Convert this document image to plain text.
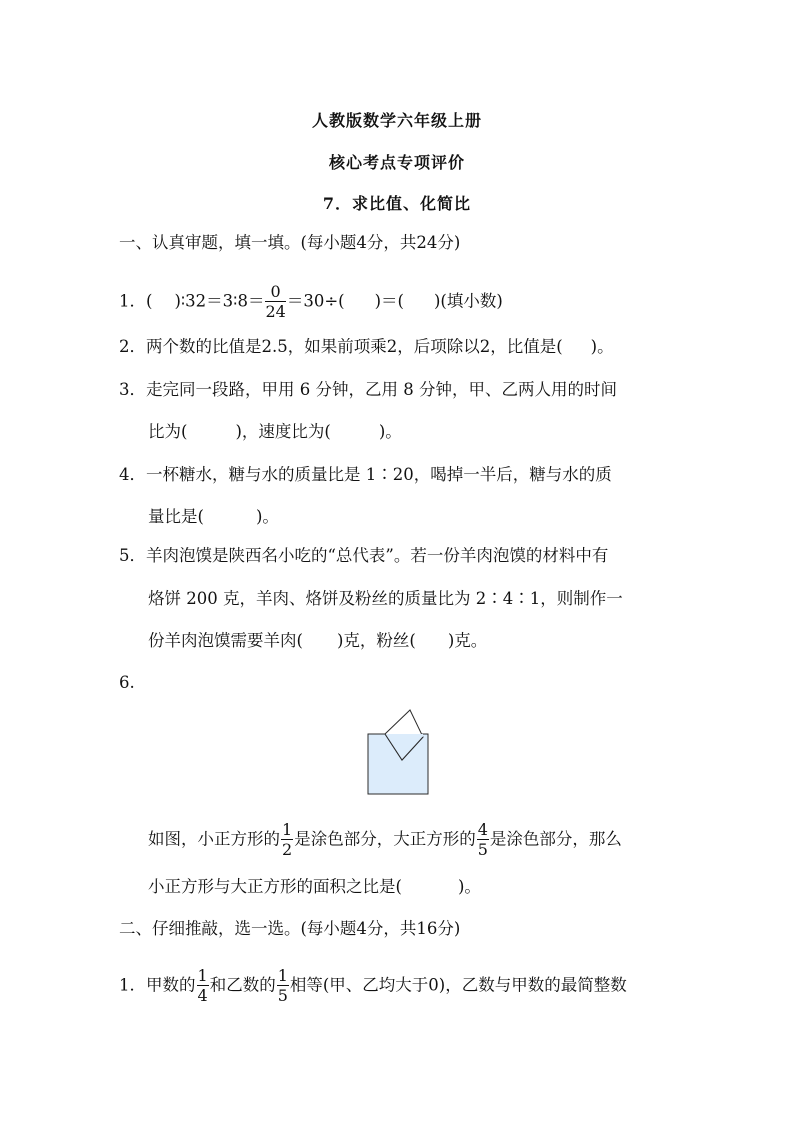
人教版数学六年级上册
核心考点专项评价
7．求比值、化简比
一、认真审题，填一填。(每小题4分，共24分)
1．( )∶32＝3∶8＝ $\frac{0}{24} =30\div$( )＝( )(填小数)
2．两个数的比值是2.5，如果前项乘2，后项除以2，比值是( )。
3．走完同一段路，甲用 6 分钟，乙用 8 分钟，甲、乙两人用的时间
比为(	)，速度比为(	)。
4．一杯糖水，糖与水的质量比是 1∶20，喝掉一半后，糖与水的质
量比是(	)。
5．羊肉泡馍是陕西名小吃的“总代表”。若一份羊肉泡馍的材料中有
烙饼 200 克，羊肉、烙饼及粉丝的质量比为 2∶4∶1，则制作一
份羊肉泡馍需要羊肉( )克，粉丝( )克。
6.
如图，小正方形的 $\frac{1}{2}$ 是涂色部分，大正方形的 $\frac{4}{5}$ 是涂色部分，那么
小正方形与大正方形的面积之比是(	)。
二、仔细推敲，选一选。(每小题4分，共16分)
1．甲数的 $\frac{1}{4}$ 和乙数的 $\frac{1}{5}$ 相等(甲、乙均大于0)，乙数与甲数的最简整数
